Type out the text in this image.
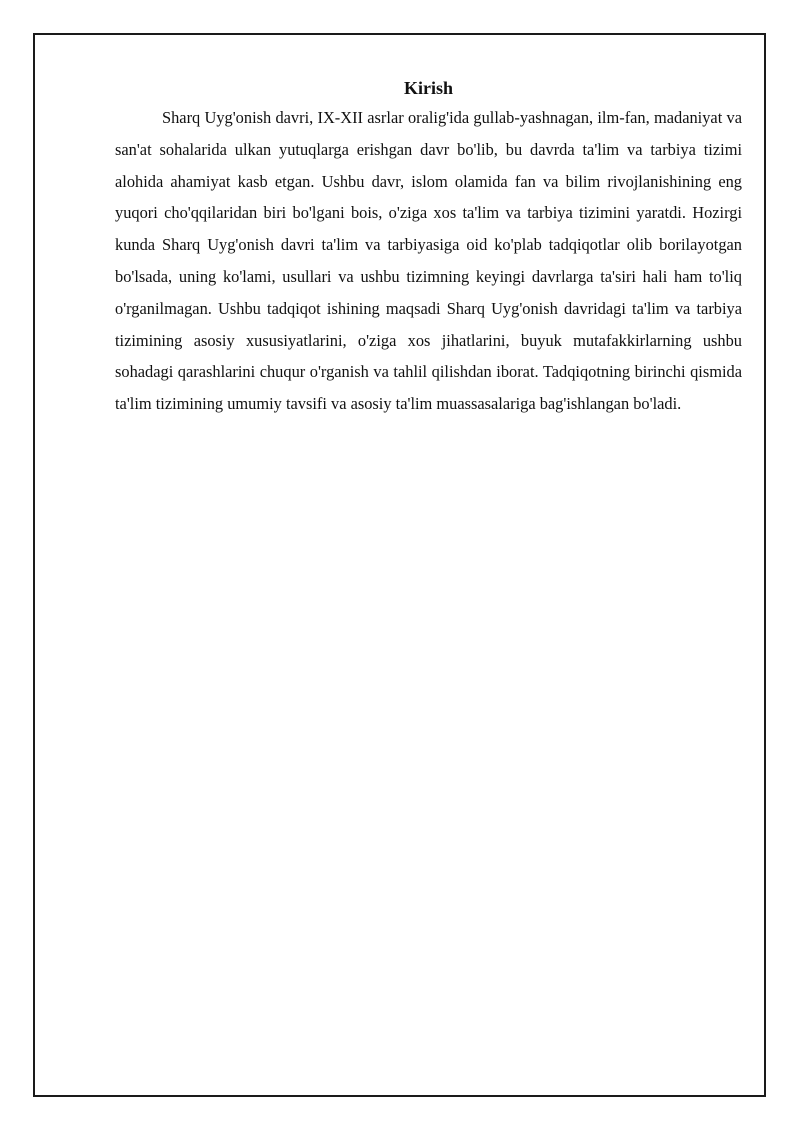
Kirish

Sharq Uyg'onish davri, IX-XII asrlar oralig'ida gullab-yashnagan, ilm-fan, madaniyat va san'at sohalarida ulkan yutuqlarga erishgan davr bo'lib, bu davrda ta'lim va tarbiya tizimi alohida ahamiyat kasb etgan. Ushbu davr, islom olamida fan va bilim rivojlanishining eng yuqori cho'qqilaridan biri bo'lgani bois, o'ziga xos ta'lim va tarbiya tizimini yaratdi. Hozirgi kunda Sharq Uyg'onish davri ta'lim va tarbiyasiga oid ko'plab tadqiqotlar olib borilayotgan bo'lsada, uning ko'lami, usullari va ushbu tizimning keyingi davrlarga ta'siri hali ham to'liq o'rganilmagan. Ushbu tadqiqot ishining maqsadi Sharq Uyg'onish davridagi ta'lim va tarbiya tizimining asosiy xususiyatlarini, o'ziga xos jihatlarini, buyuk mutafakkirlarning ushbu sohadagi qarashlarini chuqur o'rganish va tahlil qilishdan iborat. Tadqiqotning birinchi qismida ta'lim tizimining umumiy tavsifi va asosiy ta'lim muassasalariga bag'ishlangan bo'ladi.
